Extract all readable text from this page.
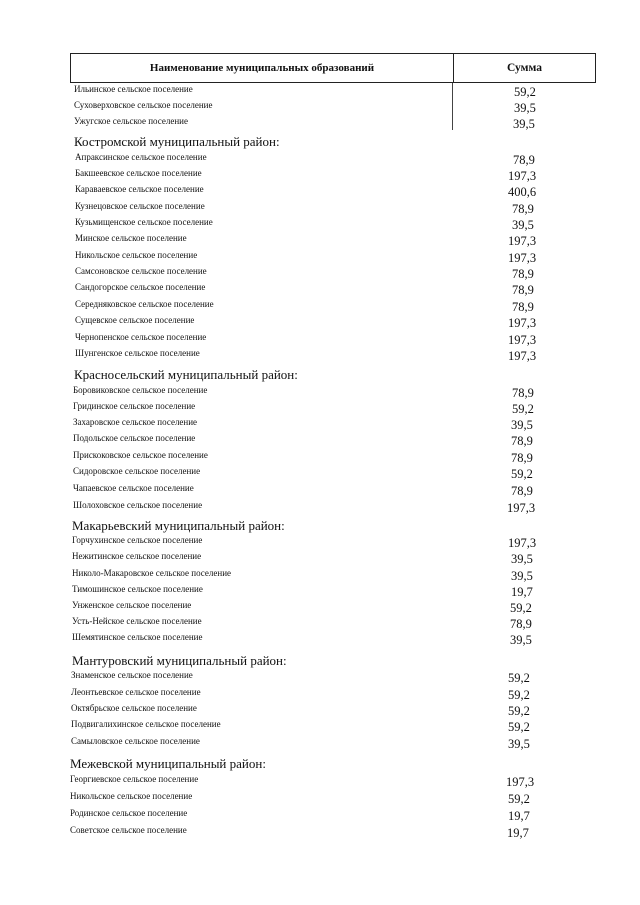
Наименование муниципальных образований	Сумма
Ильинское сельское поселение	59,2
Суховерховское сельское поселение	39,5
Ужугское сельское поселение	39,5
Костромской муниципальный район:
Апраксинское сельское поселение	78,9
Бакшеевское сельское поселение	197,3
Караваевское сельское поселение	400,6
Кузнецовское сельское поселение	78,9
Кузьмищенское сельское поселение	39,5
Минское сельское поселение	197,3
Никольское сельское поселение	197,3
Самсоновское сельское поселение	78,9
Сандогорское сельское поселение	78,9
Середняковское сельское поселение	78,9
Сущевское сельское поселение	197,3
Чернопенское сельское поселение	197,3
Шунгенское сельское поселение	197,3
Красносельский муниципальный район:
Боровиковское сельское поселение	78,9
Гридинское сельское поселение	59,2
Захаровское сельское поселение	39,5
Подольское сельское поселение	78,9
Прискоковское сельское поселение	78,9
Сидоровское сельское поселение	59,2
Чапаевское сельское поселение	78,9
Шолоховское сельское поселение	197,3
Макарьевский муниципальный район:
Горчухинское сельское поселение	197,3
Нежитинское сельское поселение	39,5
Николо-Макаровское сельское поселение	39,5
Тимошинское сельское поселение	19,7
Унженское сельское поселение	59,2
Усть-Нейское сельское поселение	78,9
Шемятинское сельское поселение	39,5
Мантуровский муниципальный район:
Знаменское сельское поселение	59,2
Леонтьевское сельское поселение	59,2
Октябрьское сельское поселение	59,2
Подвигалихинское сельское поселение	59,2
Самыловское сельское поселение	39,5
Межевской муниципальный район:
Георгиевское сельское поселение	197,3
Никольское сельское поселение	59,2
Родинское сельское поселение	19,7
Советское сельское поселение	19,7
